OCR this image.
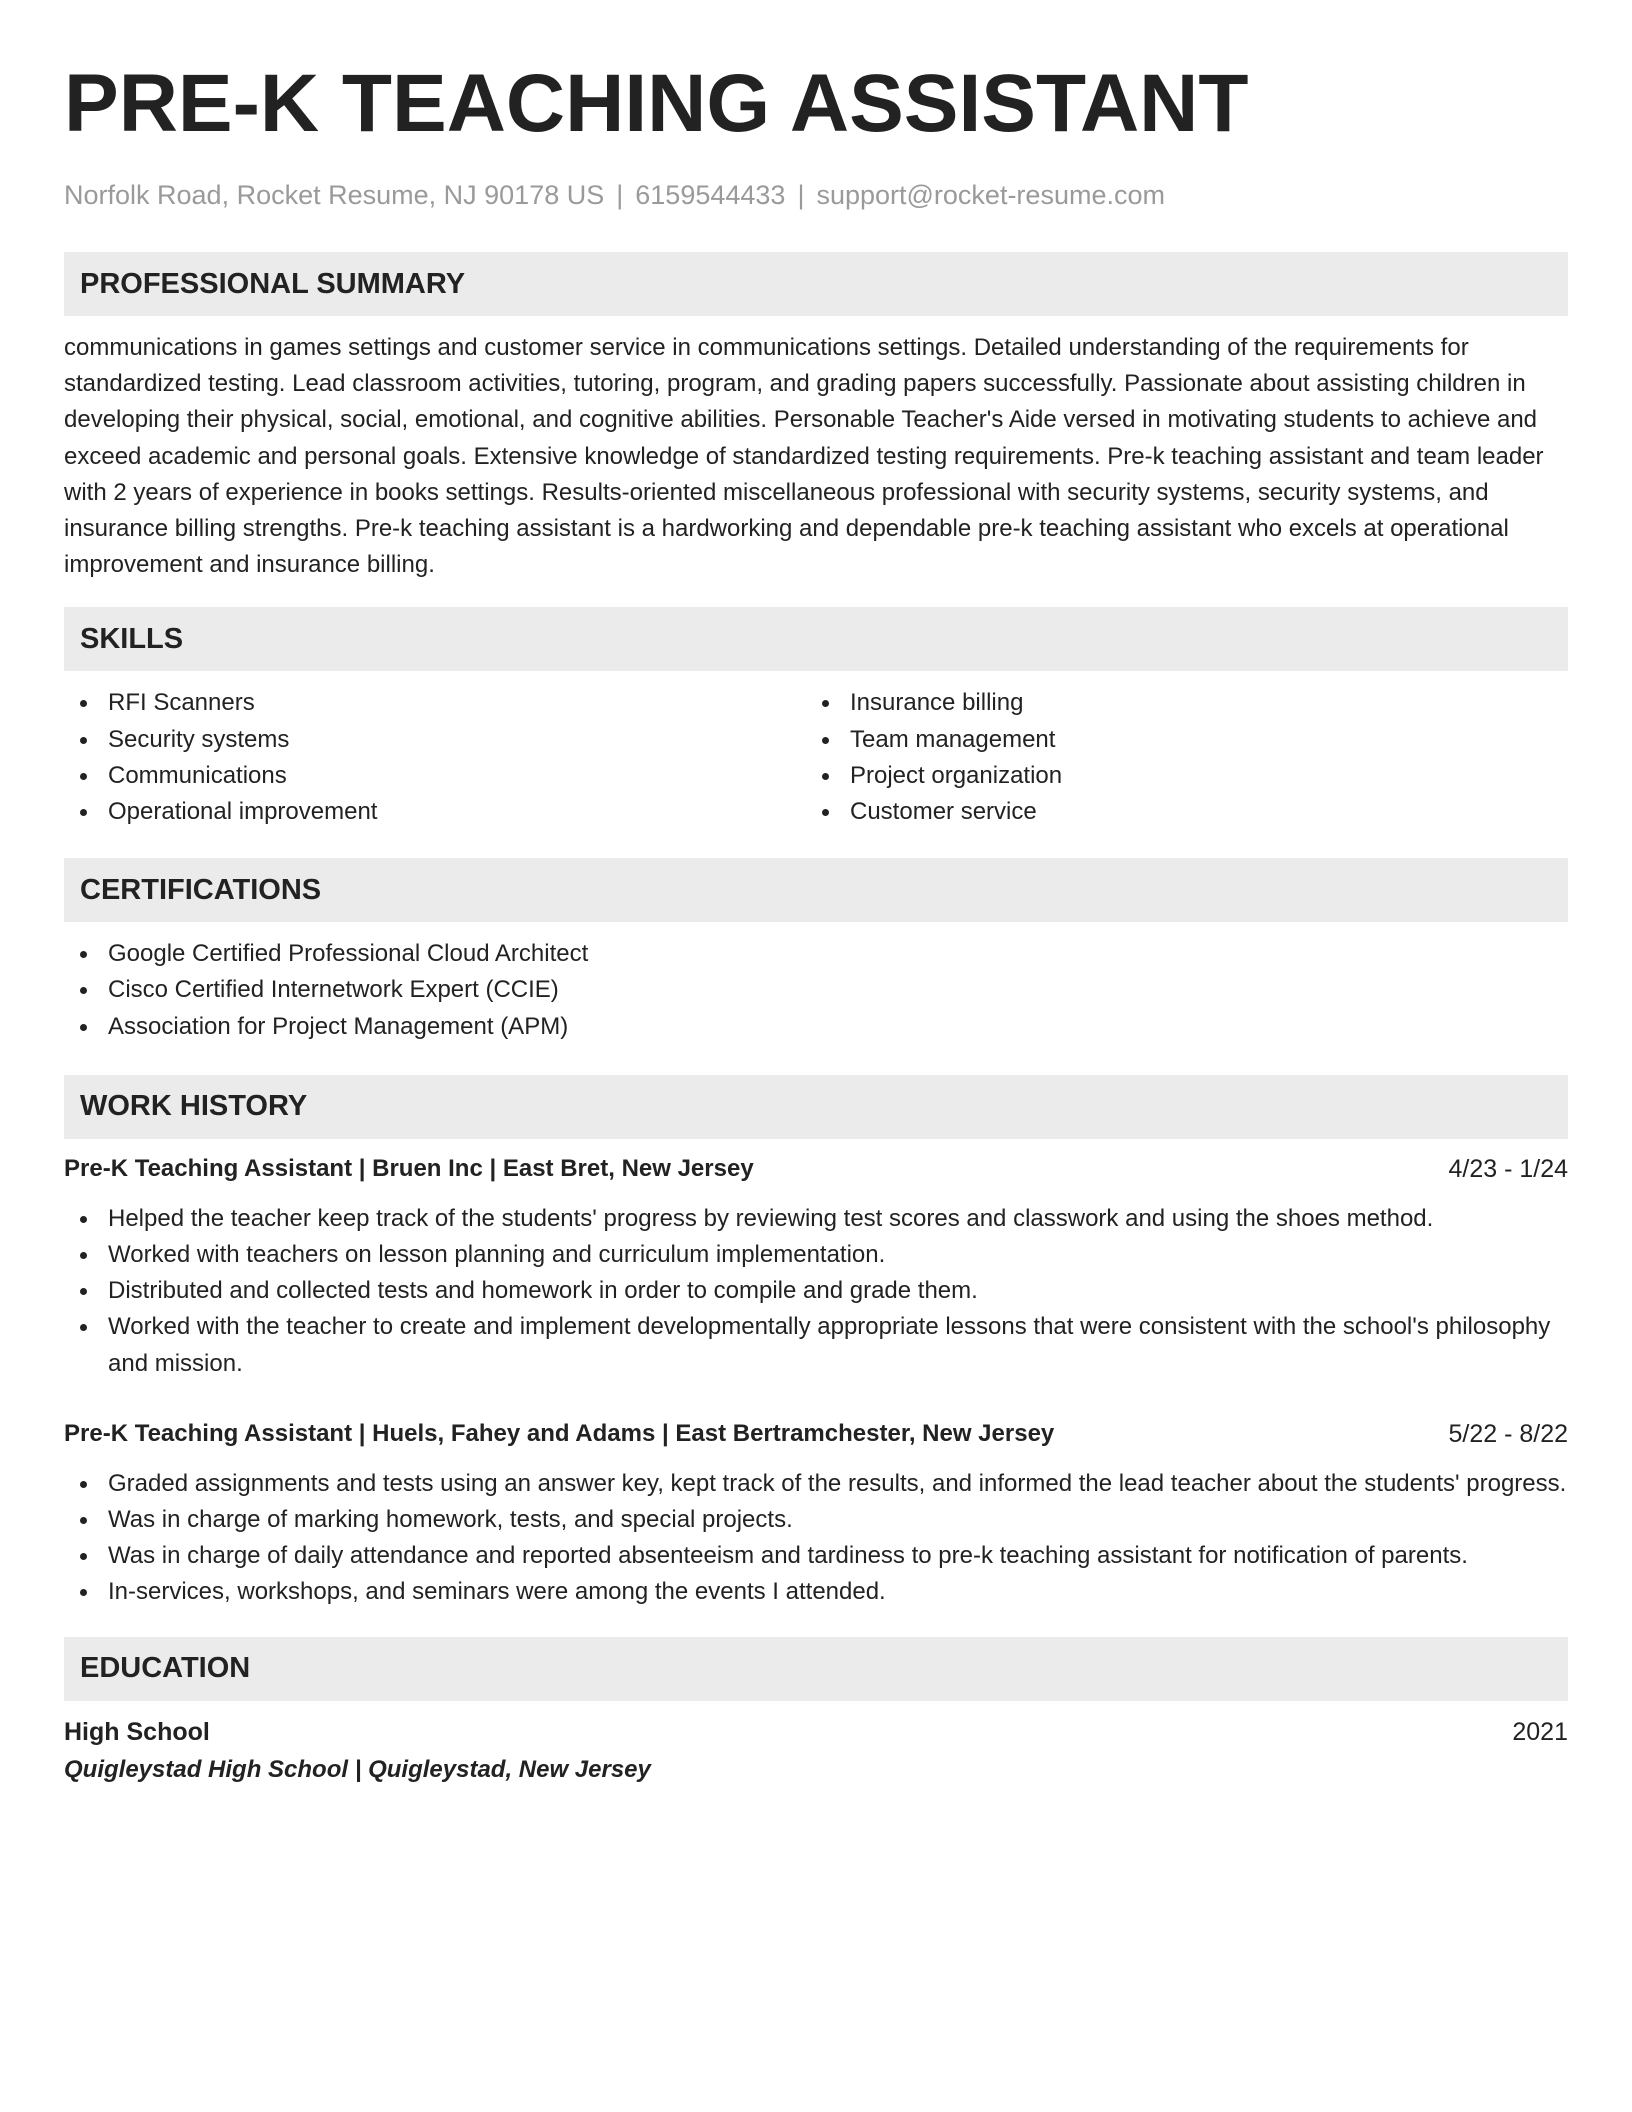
PRE-K TEACHING ASSISTANT
Norfolk Road, Rocket Resume, NJ 90178 US | 6159544433 | support@rocket-resume.com
PROFESSIONAL SUMMARY

communications in games settings and customer service in communications settings. Detailed understanding of the requirements for standardized testing. Lead classroom activities, tutoring, program, and grading papers successfully. Passionate about assisting children in developing their physical, social, emotional, and cognitive abilities. Personable Teacher's Aide versed in motivating students to achieve and exceed academic and personal goals. Extensive knowledge of standardized testing requirements. Pre-k teaching assistant and team leader with 2 years of experience in books settings. Results-oriented miscellaneous professional with security systems, security systems, and insurance billing strengths. Pre-k teaching assistant is a hardworking and dependable pre-k teaching assistant who excels at operational improvement and insurance billing.

SKILLS
RFI Scanners
Security systems
Communications
Operational improvement
Insurance billing
Team management
Project organization
Customer service
CERTIFICATIONS
Google Certified Professional Cloud Architect
Cisco Certified Internetwork Expert (CCIE)
Association for Project Management (APM)
WORK HISTORY
Pre-K Teaching Assistant | Bruen Inc | East Bret, New Jersey	4/23 - 1/24
Helped the teacher keep track of the students' progress by reviewing test scores and classwork and using the shoes method.
Worked with teachers on lesson planning and curriculum implementation.
Distributed and collected tests and homework in order to compile and grade them.
Worked with the teacher to create and implement developmentally appropriate lessons that were consistent with the school's philosophy and mission.
Pre-K Teaching Assistant | Huels, Fahey and Adams | East Bertramchester, New Jersey	5/22 - 8/22
Graded assignments and tests using an answer key, kept track of the results, and informed the lead teacher about the students' progress.
Was in charge of marking homework, tests, and special projects.
Was in charge of daily attendance and reported absenteeism and tardiness to pre-k teaching assistant for notification of parents.
In-services, workshops, and seminars were among the events I attended.
EDUCATION
High School	2021
Quigleystad High School | Quigleystad, New Jersey
